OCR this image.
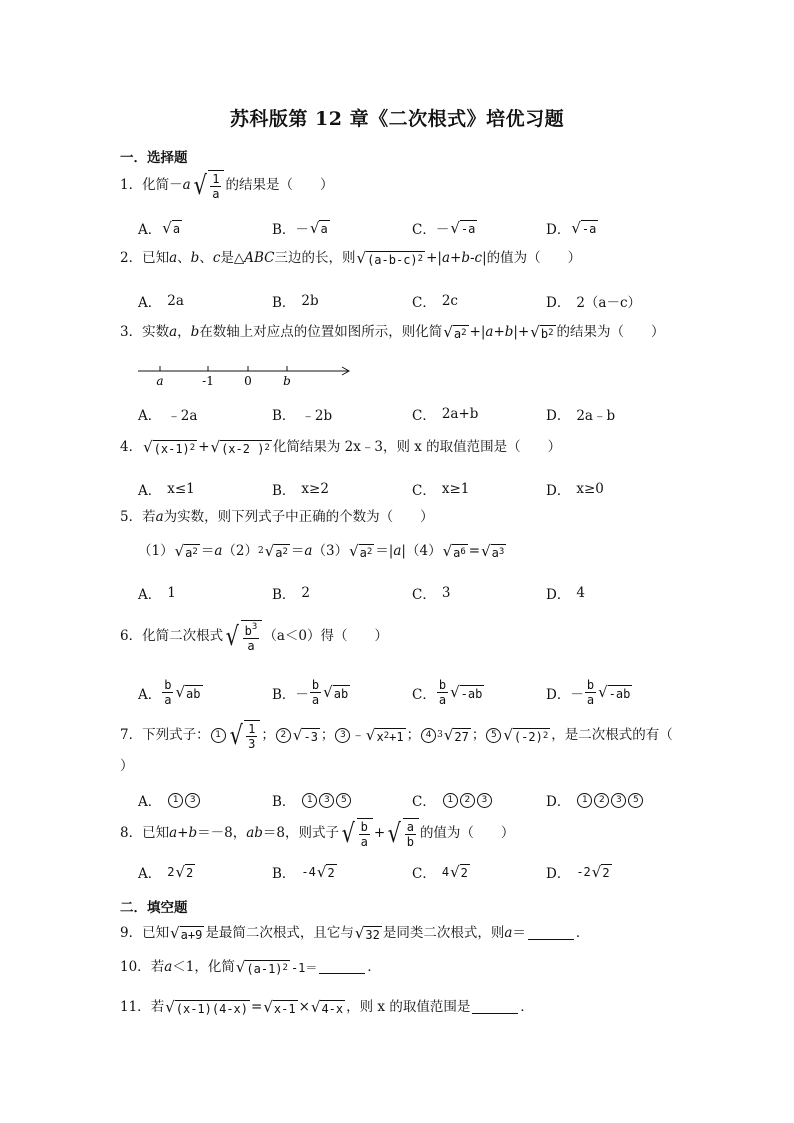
苏科版第 12 章《二次根式》培优习题
一．选择题
1． 化简－ a √ $\frac{1}{a}$ 的结果是（　　）
A． √ a	B．－ √ a	C．－ √ -a	D． √ -a
2． 已知 a 、 b 、 c 是△ ABC 三边的长，则 √ (a-b-c) 2 +| a+b - c |的值为（　　）
A． 2a	B． 2b	C． 2c	D． 2（a－c）
3． 实数 a ， b 在数轴上对应点的位置如图所示，则化简 √ a 2 +| a+b |+ √ b 2 的结果为（　　）
a	-1	0	b
A． ﹣2a	B． ﹣2b	C． 2a+b	D． 2a﹣b
4． √ (x-1) 2 + √ (x-2 ) 2 化简结果为 2x﹣3，则 x 的取值范围是（　　）
A． x≤1	B． x≥2	C． x≥1	D． x≥0
5． 若 a 为实数，则下列式子中正确的个数为（　　）
（1） √ a 2 ＝ a （2） 2 √ a 2 ＝ a （3） √ a 2 ＝| a | （4） √ a 6 = √ a 3
A． 1	B． 2	C． 3	D． 4
6． 化简二次根式 √ $\frac{b^3}{a} (a<0)$得（　　）
A． $\frac{b}{a}$ √ ab	B．－ $\frac{b}{a}$ √ ab	C． $\frac{b}{a}$ √ -ab	D．－ $\frac{b}{a}$ √ -ab
7． 下列式子： 1 √ $\frac{1}{3}$ ； 2 √ -3 ； 3 ﹣ √ x 2 +1 ； 4 3 √ 27 ； 5 √ (-2) 2 ，是二次根式的有（
）
A．	1	3	B．	1	3	5	C．	1	2	3	D．	1	2	3	5
8． 已知 a+b ＝－8， ab ＝8，则式子 √ $\frac{b}{a}$ + √ $\frac{a}{b}$ 的值为（　　）
A． 2 √ 2	B． -4 √ 2	C． 4 √ 2	D． -2 √ 2
二．填空题
9． 已知 √ a+9 是最简二次根式，且它与 √ 32 是同类二次根式，则 a ＝	．
10． 若 a ＜1，化简 √ (a-1) 2 -1＝	．
11． 若 √ (x-1)(4-x) = √ x-1 × √ 4-x ，则 x 的取值范围是	．
